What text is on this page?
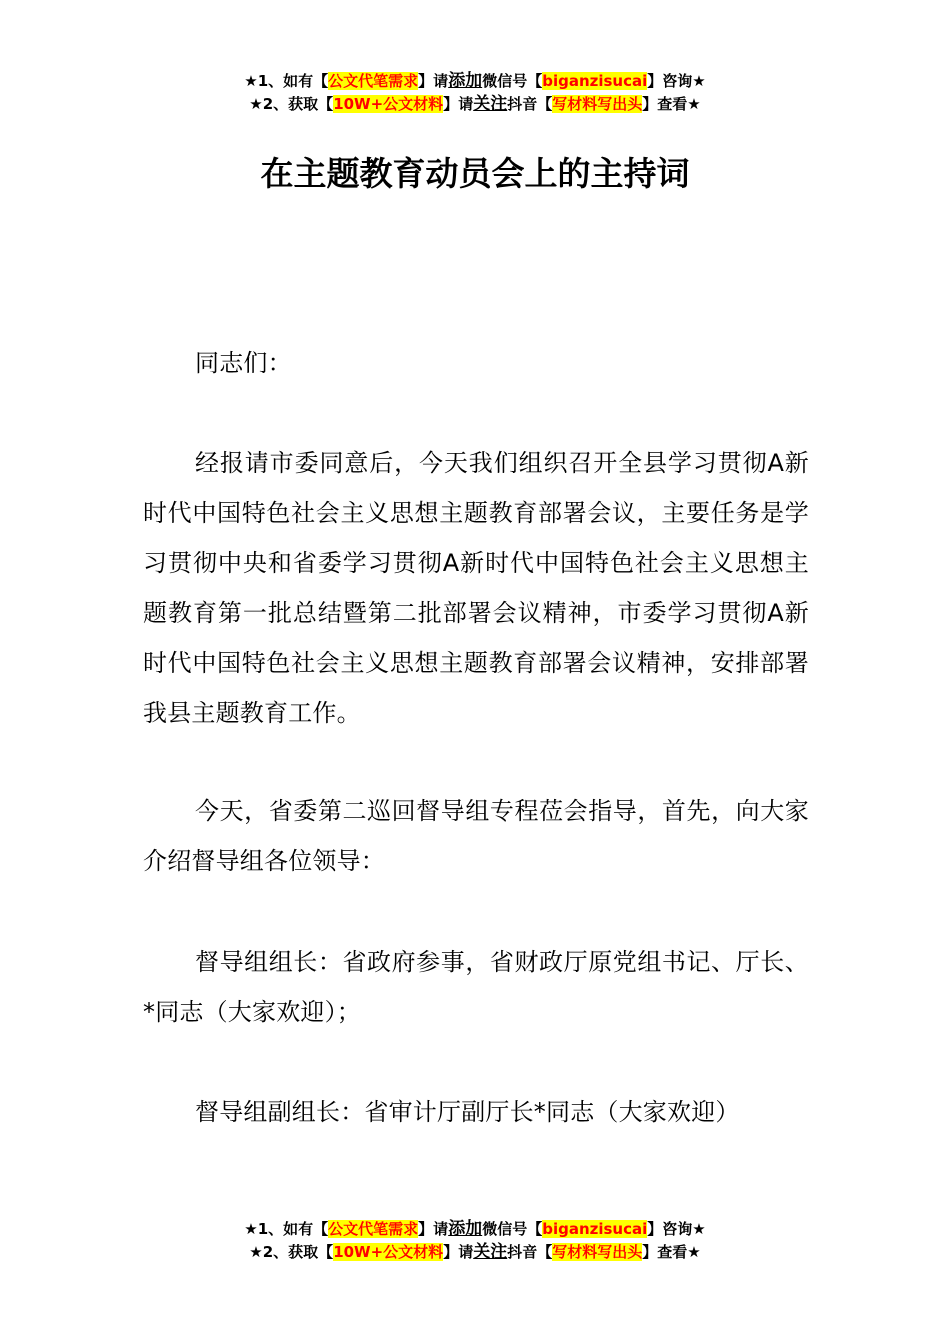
★1、如有【公文代笔需求】请添加微信号【biganzisucai】咨询★
★2、获取【10W+公文材料】请关注抖音【写材料写出头】查看★
在主题教育动员会上的主持词

同志们：

经报请市委同意后，今天我们组织召开全县学习贯彻A新时代中国特色社会主义思想主题教育部署会议，主要任务是学习贯彻中央和省委学习贯彻A新时代中国特色社会主义思想主题教育第一批总结暨第二批部署会议精神，市委学习贯彻A新时代中国特色社会主义思想主题教育部署会议精神，安排部署我县主题教育工作。

今天，省委第二巡回督导组专程莅会指导，首先，向大家介绍督导组各位领导：

督导组组长：省政府参事，省财政厅原党组书记、厅长、*同志（大家欢迎）；

督导组副组长：省审计厅副厅长*同志（大家欢迎）

★1、如有【公文代笔需求】请添加微信号【biganzisucai】咨询★
★2、获取【10W+公文材料】请关注抖音【写材料写出头】查看★
